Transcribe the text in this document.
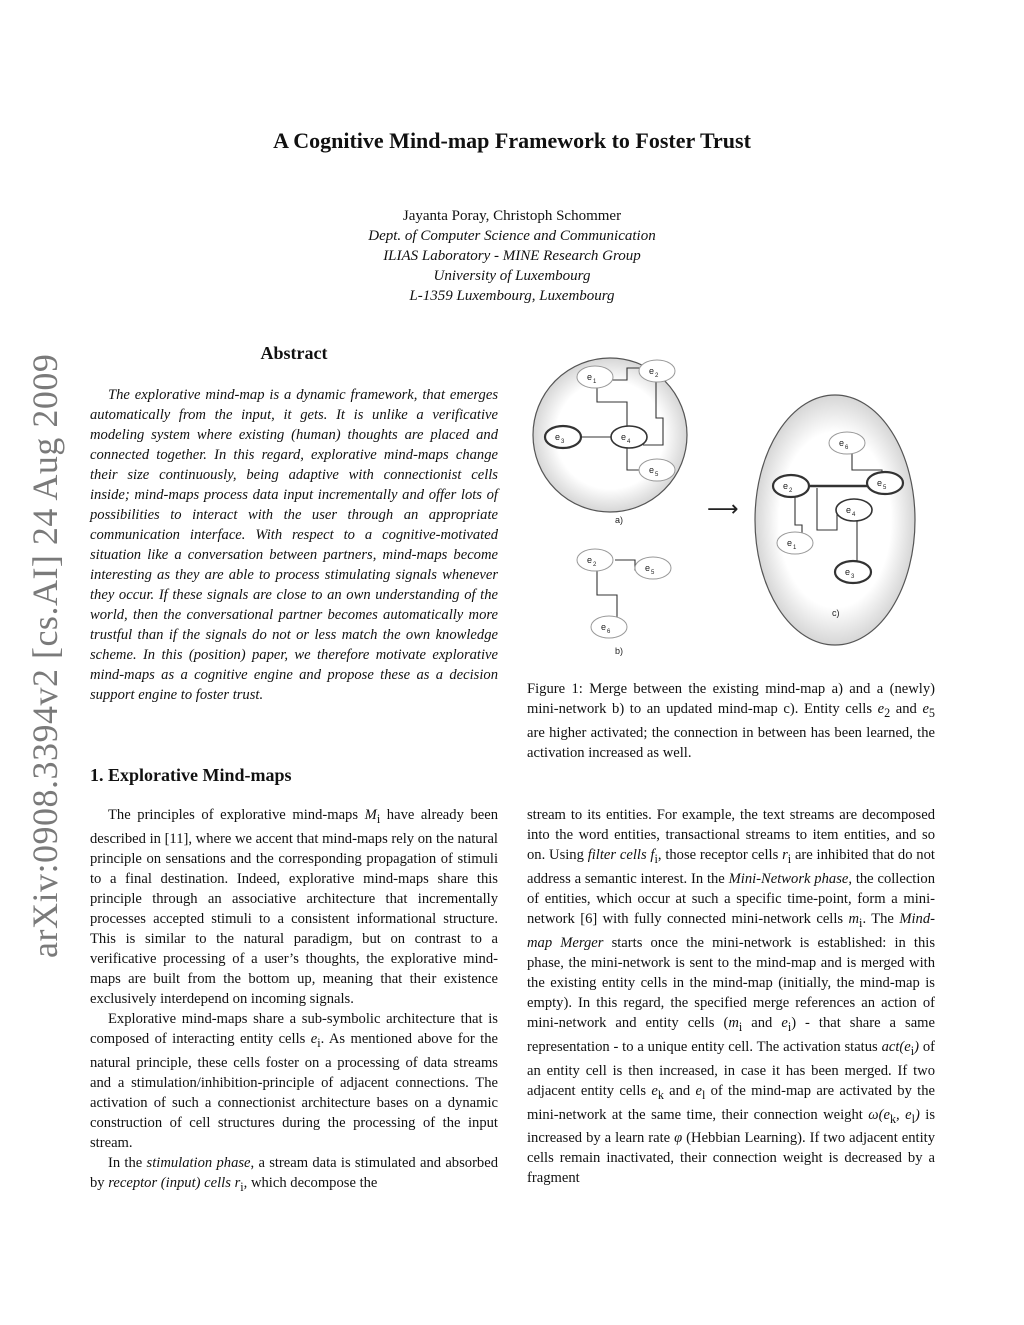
arXiv:0908.3394v2 [cs.AI] 24 Aug 2009
A Cognitive Mind-map Framework to Foster Trust
Jayanta Poray, Christoph Schommer
Dept. of Computer Science and Communication
ILIAS Laboratory - MINE Research Group
University of Luxembourg
L-1359 Luxembourg, Luxembourg
Abstract

The explorative mind-map is a dynamic framework, that emerges automatically from the input, it gets. It is unlike a verificative modeling system where existing (human) thoughts are placed and connected together. In this regard, explorative mind-maps change their size continuously, being adaptive with connectionist cells inside; mind-maps process data input incrementally and offer lots of possibilities to interact with the user through an appropriate communication interface. With respect to a cognitive-motivated situation like a conversation between partners, mind-maps become interesting as they are able to process stimulating signals whenever they occur. If these signals are close to an own understanding of the world, then the conversational partner becomes automatically more trustful than if the signals do not or less match the own knowledge scheme. In this (position) paper, we therefore motivate explorative mind-maps as a cognitive engine and propose these as a decision support engine to foster trust.

e 1
e 2
e 3	e 4
e 5
a)	⟶
e 2	e 5
e 6
b)
e 6
e 2
e 5
e 4
e 1
e 3
c)
Figure 1: Merge between the existing mind-map a) and a (newly) mini-network b) to an updated mind-map c). Entity cells $e_2$ and $e_5$ are higher activated; the connection in between has been learned, the activation increased as well.
1. Explorative Mind-maps

The principles of explorative mind-maps $M_i$ have already been described in [11], where we accent that mind-maps rely on the natural principle on sensations and the corresponding propagation of stimuli to a final destination. Indeed, explorative mind-maps share this principle through an associative architecture that incrementally processes accepted stimuli to a consistent informational structure. This is similar to the natural paradigm, but on contrast to a verificative processing of a user’s thoughts, the explorative mind-maps are built from the bottom up, meaning that their existence exclusively interdepend on incoming signals.

Explorative mind-maps share a sub-symbolic architecture that is composed of interacting entity cells $e_i$. As mentioned above for the natural principle, these cells foster on a processing of data streams and a stimulation/inhibition-principle of adjacent connections. The activation of such a connectionist architecture bases on a dynamic construction of cell structures during the processing of the input stream.

In the stimulation phase, a stream data is stimulated and absorbed by receptor (input) cells $r_i$, which decompose the

stream to its entities. For example, the text streams are decomposed into the word entities, transactional streams to item entities, and so on. Using filter cells $f_i$, those receptor cells $r_i$ are inhibited that do not address a semantic interest. In the Mini-Network phase, the collection of entities, which occur at such a specific time-point, form a mini-network [6] with fully connected mini-network cells $m_i$. The Mind-map Merger starts once the mini-network is established: in this phase, the mini-network is sent to the mind-map and is merged with the existing entity cells in the mind-map (initially, the mind-map is empty). In this regard, the specified merge references an action of mini-network and entity cells ($m_i$ and $e_i$) - that share a same representation - to a unique entity cell. The activation status $act(e_i)$ of an entity cell is then increased, in case it has been merged. If two adjacent entity cells $e_k$ and $e_l$ of the mind-map are activated by the mini-network at the same time, their connection weight $\omega(e_k$, $e_l$) is increased by a learn rate φ (Hebbian Learning). If two adjacent entity cells remain inactivated, their connection weight is decreased by a fragment
